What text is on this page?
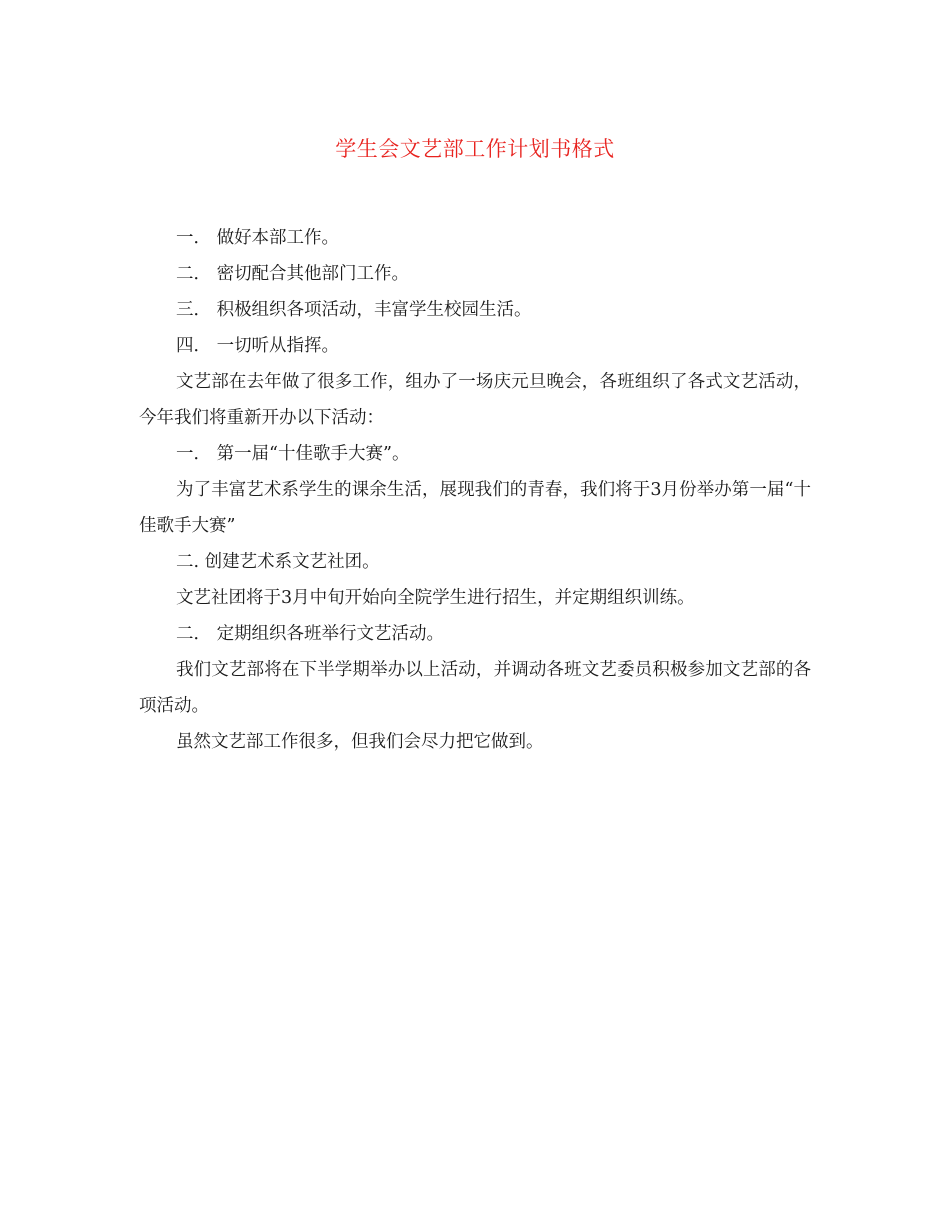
学生会文艺部工作计划书格式

一． 做好本部工作。

二． 密切配合其他部门工作。

三． 积极组织各项活动，丰富学生校园生活。

四． 一切听从指挥。

文艺部在去年做了很多工作，组办了一场庆元旦晚会，各班组织了各式文艺活动，今年我们将重新开办以下活动：

一． 第一届“十佳歌手大赛”。

为了丰富艺术系学生的课余生活，展现我们的青春，我们将于3月份举办第一届“十佳歌手大赛”

二. 创建艺术系文艺社团。

文艺社团将于3月中旬开始向全院学生进行招生，并定期组织训练。

二． 定期组织各班举行文艺活动。

我们文艺部将在下半学期举办以上活动，并调动各班文艺委员积极参加文艺部的各项活动。

虽然文艺部工作很多，但我们会尽力把它做到。
